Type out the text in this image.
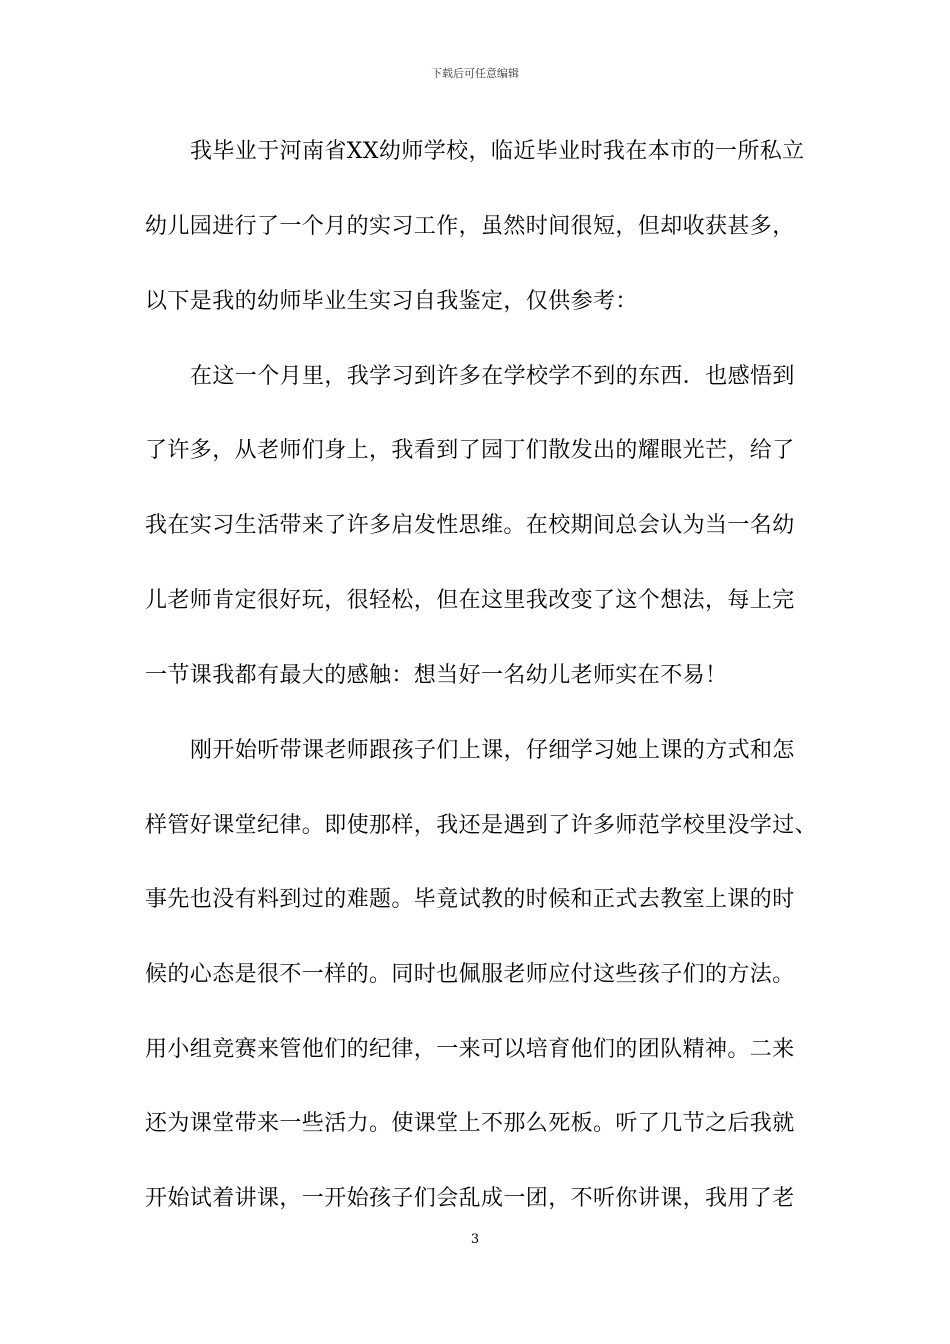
下载后可任意编辑
我毕业于河南省XX幼师学校，临近毕业时我在本市的一所私立
幼儿园进行了一个月的实习工作，虽然时间很短，但却收获甚多，
以下是我的幼师毕业生实习自我鉴定，仅供参考：
在这一个月里，我学习到许多在学校学不到的东西．也感悟到
了许多，从老师们身上，我看到了园丁们散发出的耀眼光芒，给了
我在实习生活带来了许多启发性思维。在校期间总会认为当一名幼
儿老师肯定很好玩，很轻松，但在这里我改变了这个想法，每上完
一节课我都有最大的感触：想当好一名幼儿老师实在不易！
刚开始听带课老师跟孩子们上课，仔细学习她上课的方式和怎
样管好课堂纪律。即使那样，我还是遇到了许多师范学校里没学过、
事先也没有料到过的难题。毕竟试教的时候和正式去教室上课的时
候的心态是很不一样的。同时也佩服老师应付这些孩子们的方法。
用小组竞赛来管他们的纪律，一来可以培育他们的团队精神。二来
还为课堂带来一些活力。使课堂上不那么死板。听了几节之后我就
开始试着讲课，一开始孩子们会乱成一团，不听你讲课，我用了老
3
